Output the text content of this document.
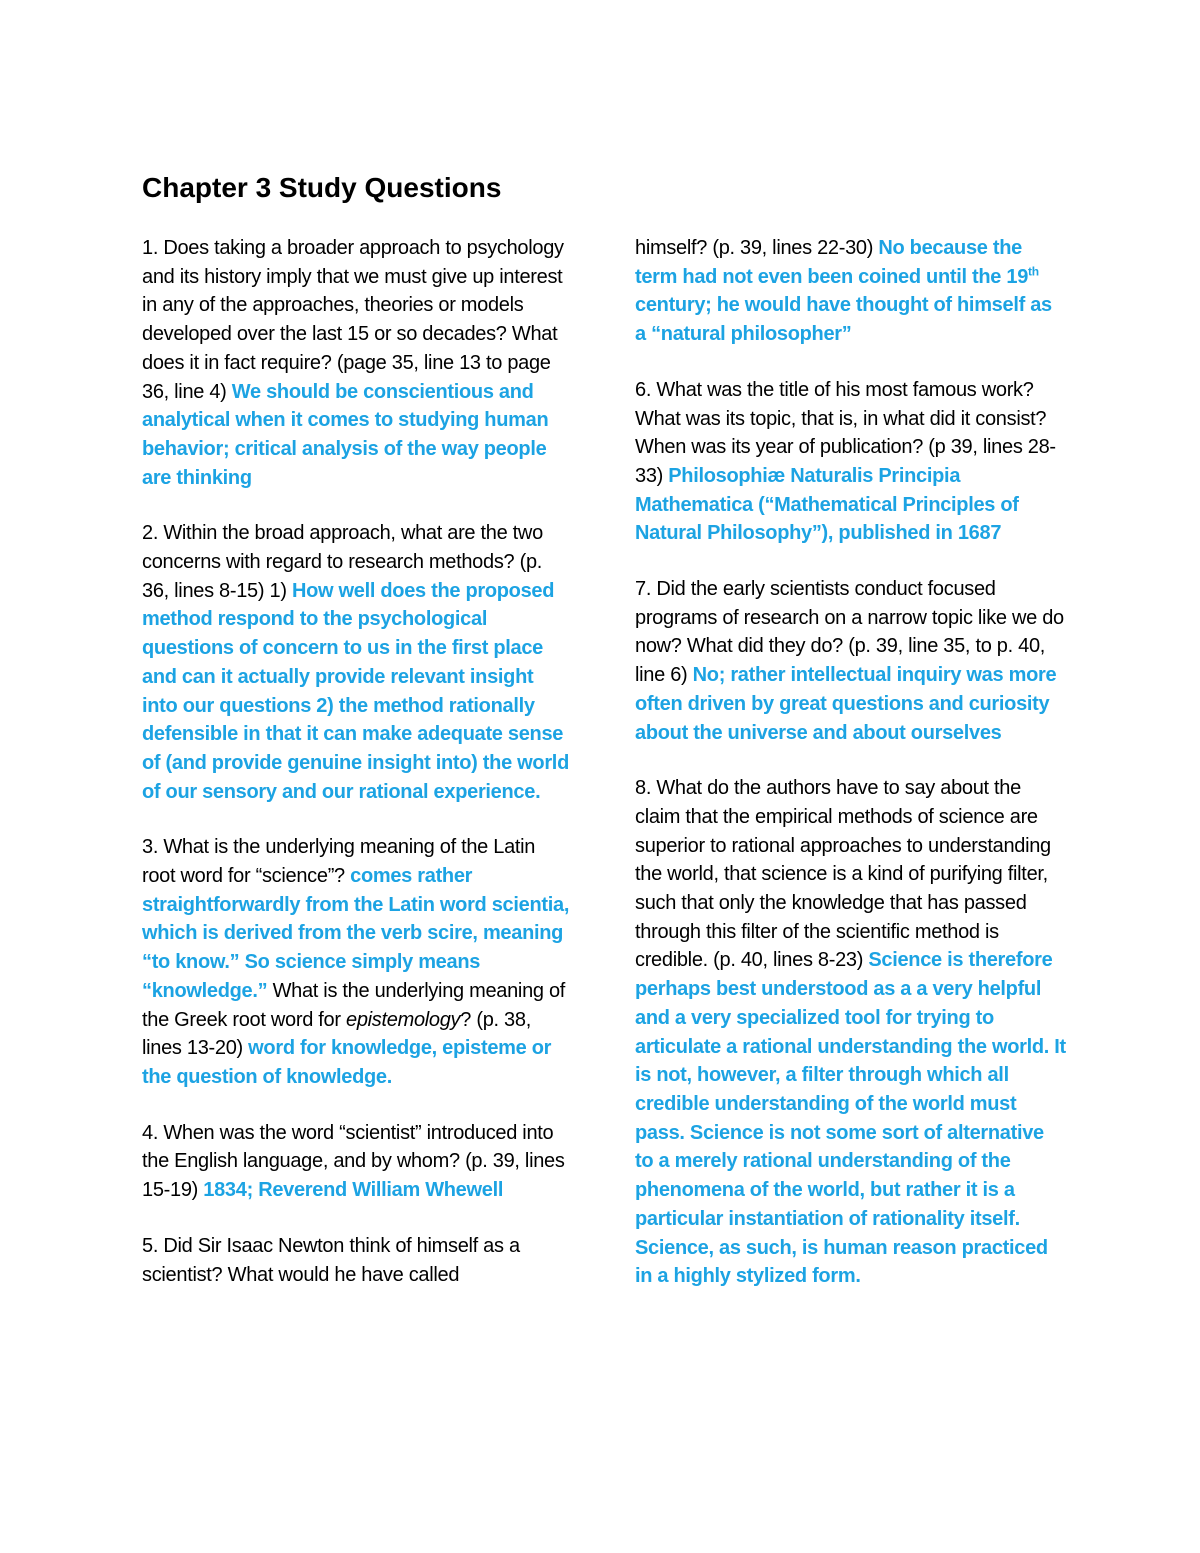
Chapter 3 Study Questions

1. Does taking a broader approach to psychology and its history imply that we must give up interest in any of the approaches, theories or models developed over the last 15 or so decades? What does it in fact require? (page 35, line 13 to page 36, line 4) We should be conscientious and analytical when it comes to studying human behavior; critical analysis of the way people are thinking

2. Within the broad approach, what are the two concerns with regard to research methods? (p. 36, lines 8-15) 1) How well does the proposed method respond to the psychological questions of concern to us in the first place and can it actually provide relevant insight into our questions 2) the method rationally defensible in that it can make adequate sense of (and provide genuine insight into) the world of our sensory and our rational experience.

3. What is the underlying meaning of the Latin root word for “science”? comes rather straightforwardly from the Latin word scientia, which is derived from the verb scire, meaning “to know.” So science simply means “knowledge.” What is the underlying meaning of the Greek root word for epistemology? (p. 38, lines 13-20) word for knowledge, episteme or the question of knowledge.

4. When was the word “scientist” introduced into the English language, and by whom? (p. 39, lines 15-19) 1834; Reverend William Whewell

5. Did Sir Isaac Newton think of himself as a scientist? What would he have called

himself? (p. 39, lines 22-30) No because the term had not even been coined until the 19th century; he would have thought of himself as a “natural philosopher”

6. What was the title of his most famous work? What was its topic, that is, in what did it consist? When was its year of publication? (p 39, lines 28-33) Philosophiæ Naturalis Principia Mathematica (“Mathematical Principles of Natural Philosophy”), published in 1687

7. Did the early scientists conduct focused programs of research on a narrow topic like we do now? What did they do? (p. 39, line 35, to p. 40, line 6) No; rather intellectual inquiry was more often driven by great questions and curiosity about the universe and about ourselves

8. What do the authors have to say about the claim that the empirical methods of science are superior to rational approaches to understanding the world, that science is a kind of purifying filter, such that only the knowledge that has passed through this filter of the scientific method is credible. (p. 40, lines 8-23) Science is therefore perhaps best understood as a a very helpful and a very specialized tool for trying to articulate a rational understanding the world. It is not, however, a filter through which all credible understanding of the world must pass. Science is not some sort of alternative to a merely rational understanding of the phenomena of the world, but rather it is a particular instantiation of rationality itself. Science, as such, is human reason practiced in a highly stylized form.
